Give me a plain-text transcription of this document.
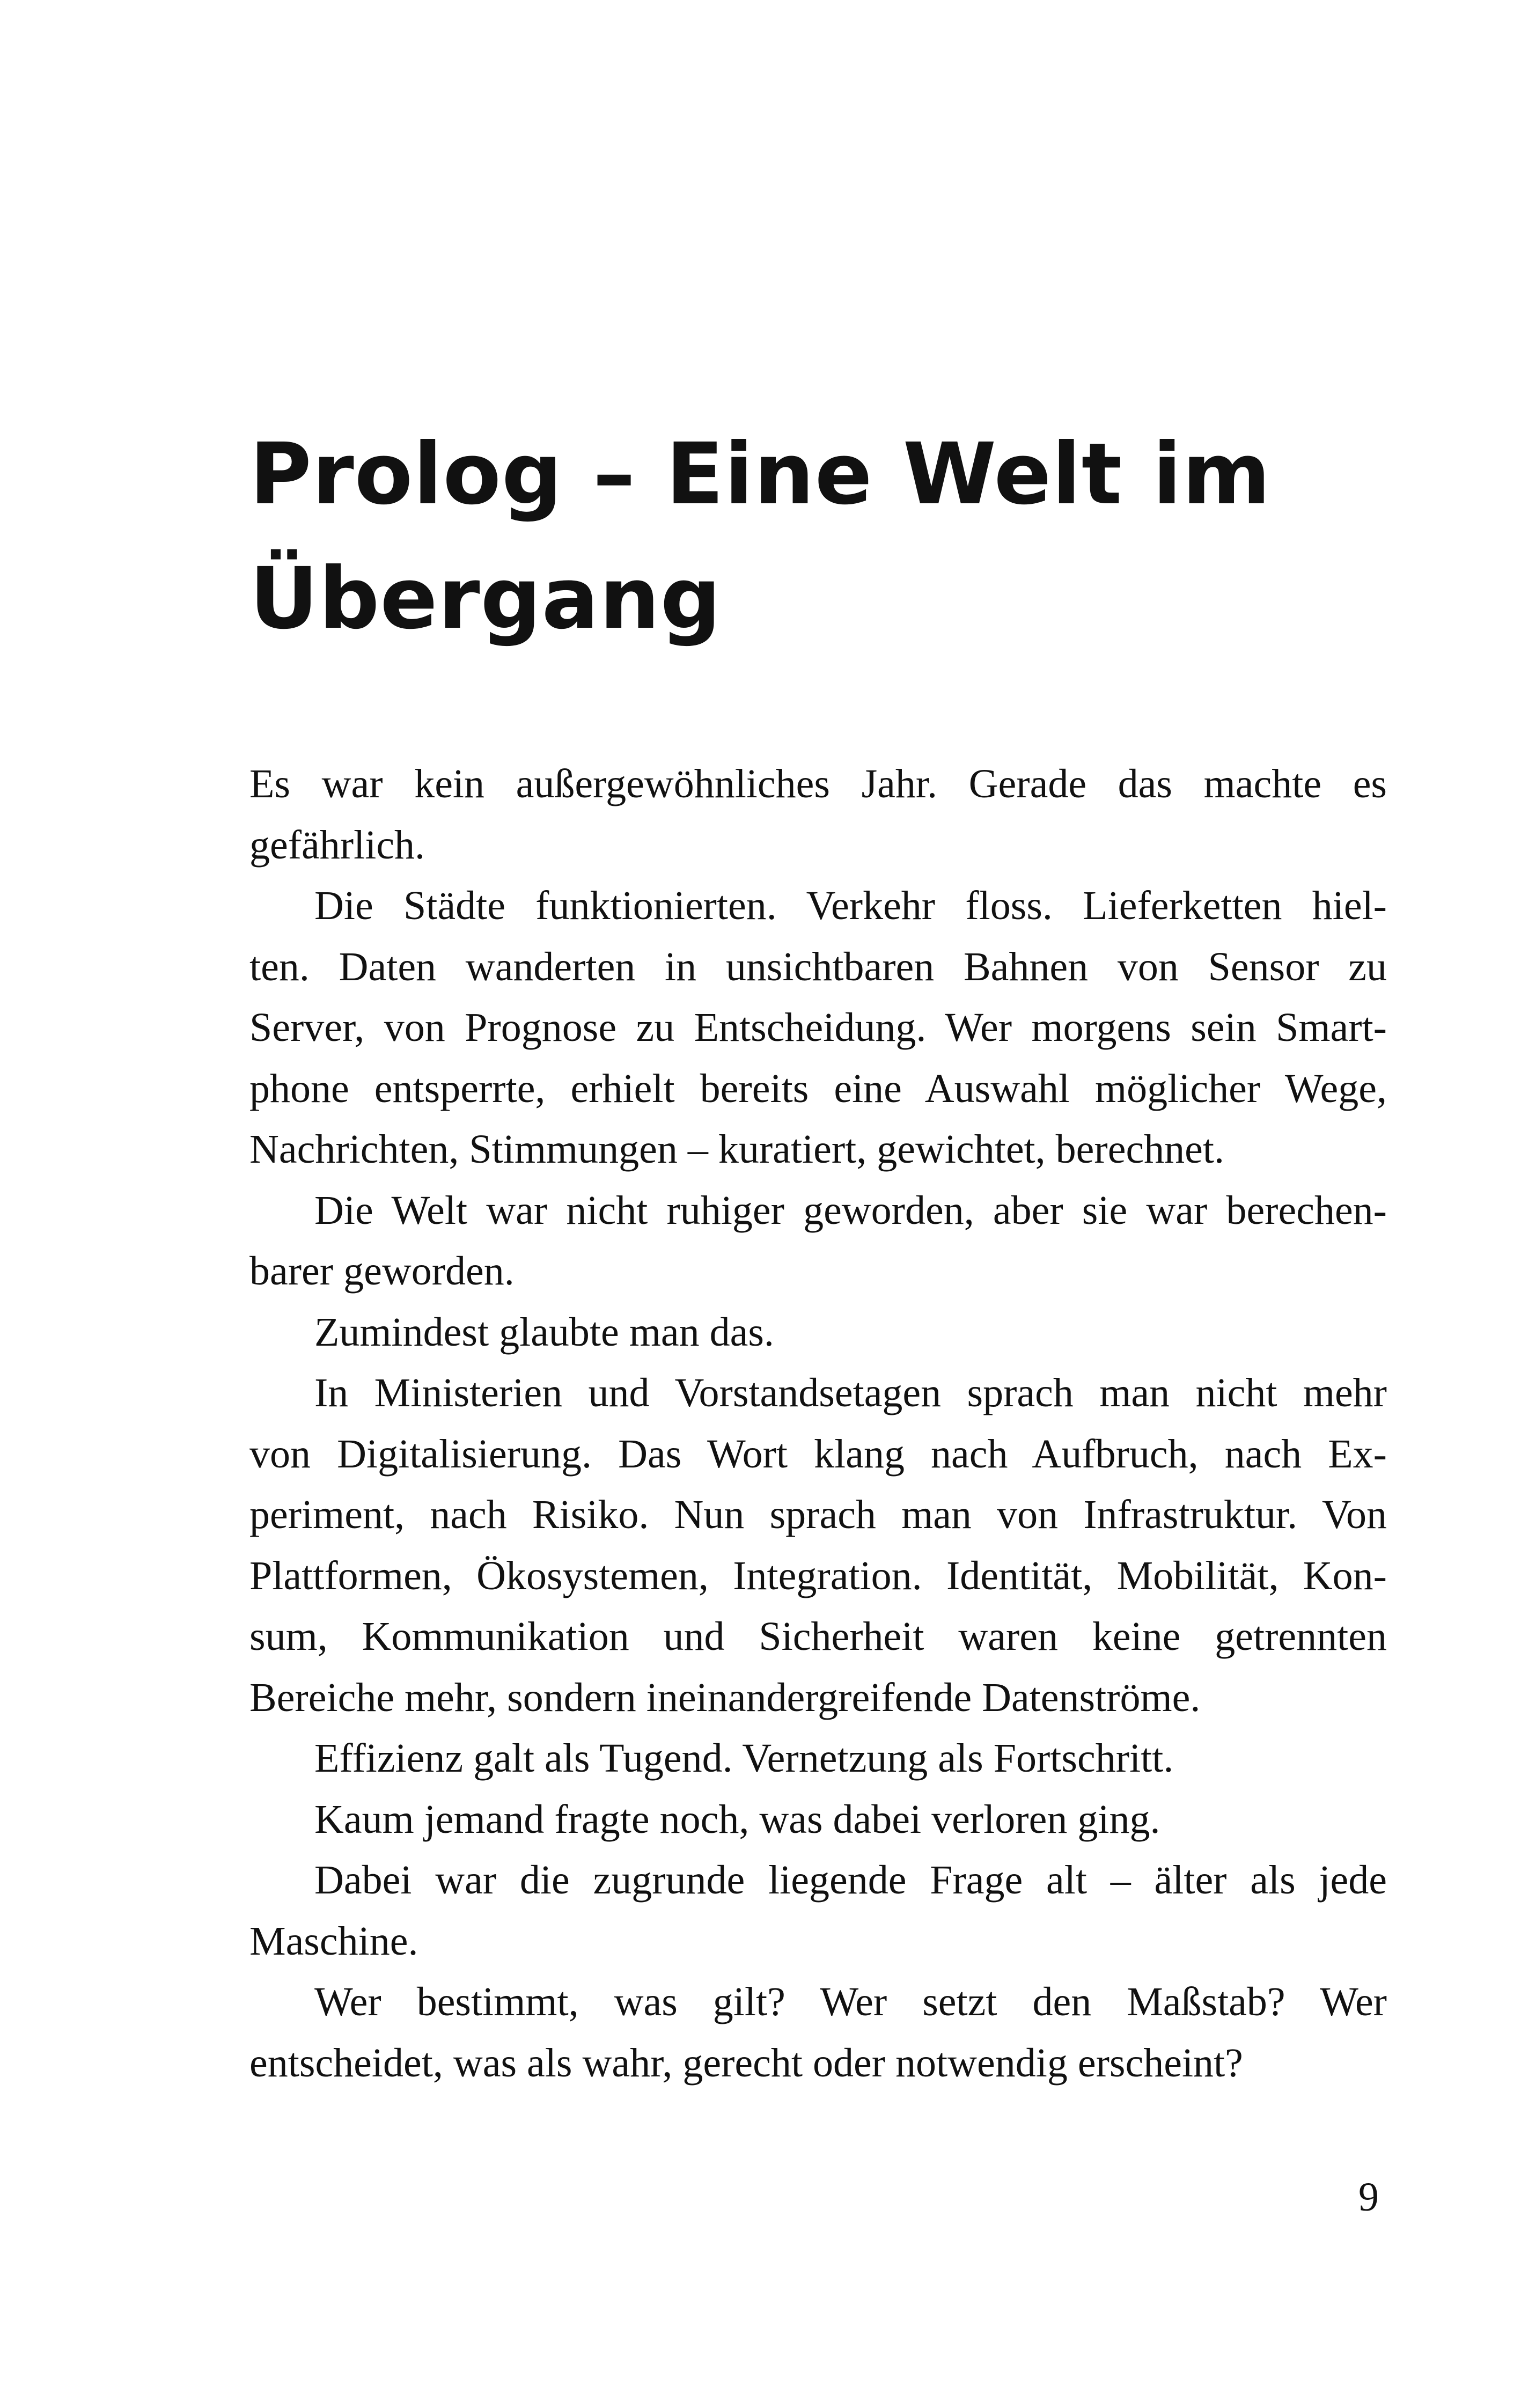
Prolog – Eine Welt im
Übergang
Es war kein außergewöhnliches Jahr. Gerade das machte es
gefährlich.
Die Städte funktionierten. Verkehr floss. Lieferketten hiel-
ten. Daten wanderten in unsichtbaren Bahnen von Sensor zu
Server, von Prognose zu Entscheidung. Wer morgens sein Smart-
phone entsperrte, erhielt bereits eine Auswahl möglicher Wege,
Nachrichten, Stimmungen – kuratiert, gewichtet, berechnet.
Die Welt war nicht ruhiger geworden, aber sie war berechen-
barer geworden.
Zumindest glaubte man das.
In Ministerien und Vorstandsetagen sprach man nicht mehr
von Digitalisierung. Das Wort klang nach Aufbruch, nach Ex-
periment, nach Risiko. Nun sprach man von Infrastruktur. Von
Plattformen, Ökosystemen, Integration. Identität, Mobilität, Kon-
sum, Kommunikation und Sicherheit waren keine getrennten
Bereiche mehr, sondern ineinandergreifende Datenströme.
Effizienz galt als Tugend. Vernetzung als Fortschritt.
Kaum jemand fragte noch, was dabei verloren ging.
Dabei war die zugrunde liegende Frage alt – älter als jede
Maschine.
Wer bestimmt, was gilt? Wer setzt den Maßstab? Wer
entscheidet, was als wahr, gerecht oder notwendig erscheint?
9
